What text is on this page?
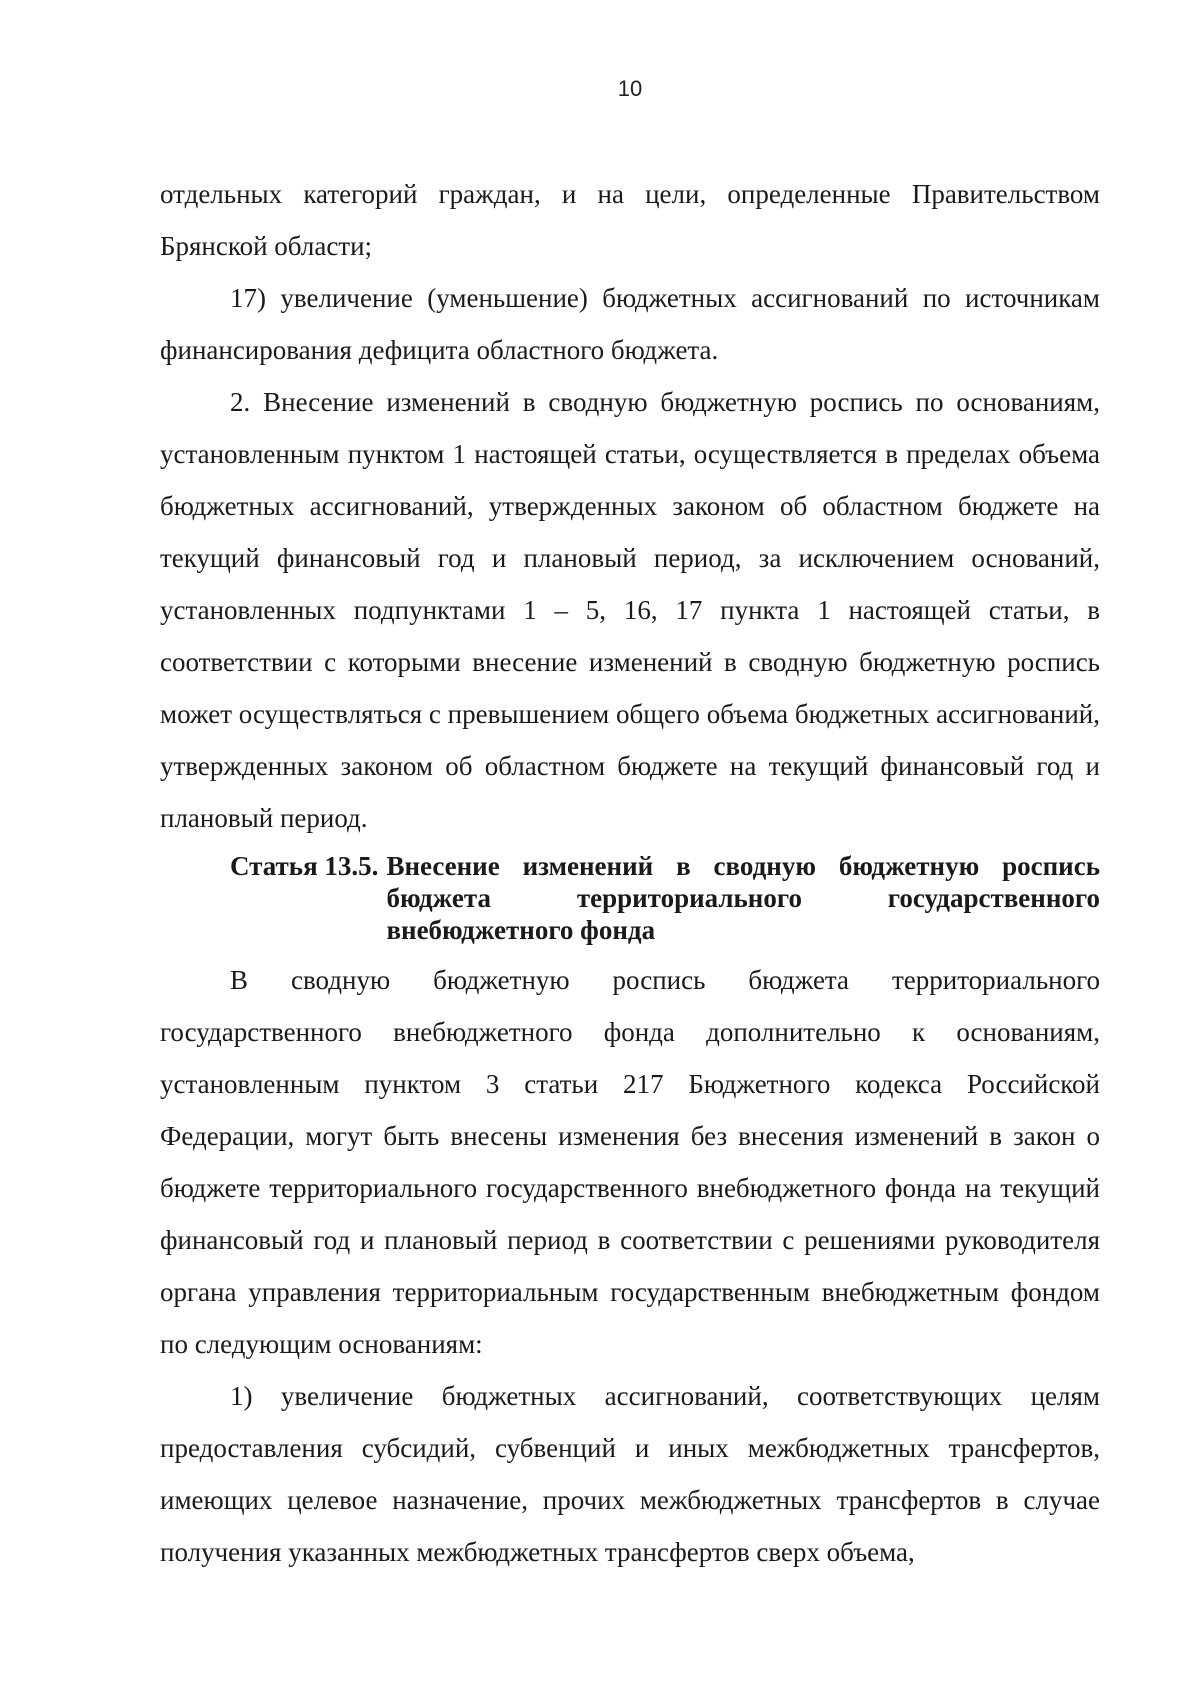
10

отдельных категорий граждан, и на цели, определенные Правительством Брянской области;

17) увеличение (уменьшение) бюджетных ассигнований по источникам финансирования дефицита областного бюджета.

2. Внесение изменений в сводную бюджетную роспись по основаниям, установленным пунктом 1 настоящей статьи, осуществляется в пределах объема бюджетных ассигнований, утвержденных законом об областном бюджете на текущий финансовый год и плановый период, за исключением оснований, установленных подпунктами 1 – 5, 16, 17 пункта 1 настоящей статьи, в соответствии с которыми внесение изменений в сводную бюджетную роспись может осуществляться с превышением общего объема бюджетных ассигнований, утвержденных законом об областном бюджете на текущий финансовый год и плановый период.

Статья 13.5. Внесение изменений в сводную бюджетную роспись бюджета территориального государственного внебюджетного фонда

В сводную бюджетную роспись бюджета территориального государственного внебюджетного фонда дополнительно к основаниям, установленным пунктом 3 статьи 217 Бюджетного кодекса Российской Федерации, могут быть внесены изменения без внесения изменений в закон о бюджете территориального государственного внебюджетного фонда на текущий финансовый год и плановый период в соответствии с решениями руководителя органа управления территориальным государственным внебюджетным фондом по следующим основаниям:

1) увеличение бюджетных ассигнований, соответствующих целям предоставления субсидий, субвенций и иных межбюджетных трансфертов, имеющих целевое назначение, прочих межбюджетных трансфертов в случае получения указанных межбюджетных трансфертов сверх объема,
